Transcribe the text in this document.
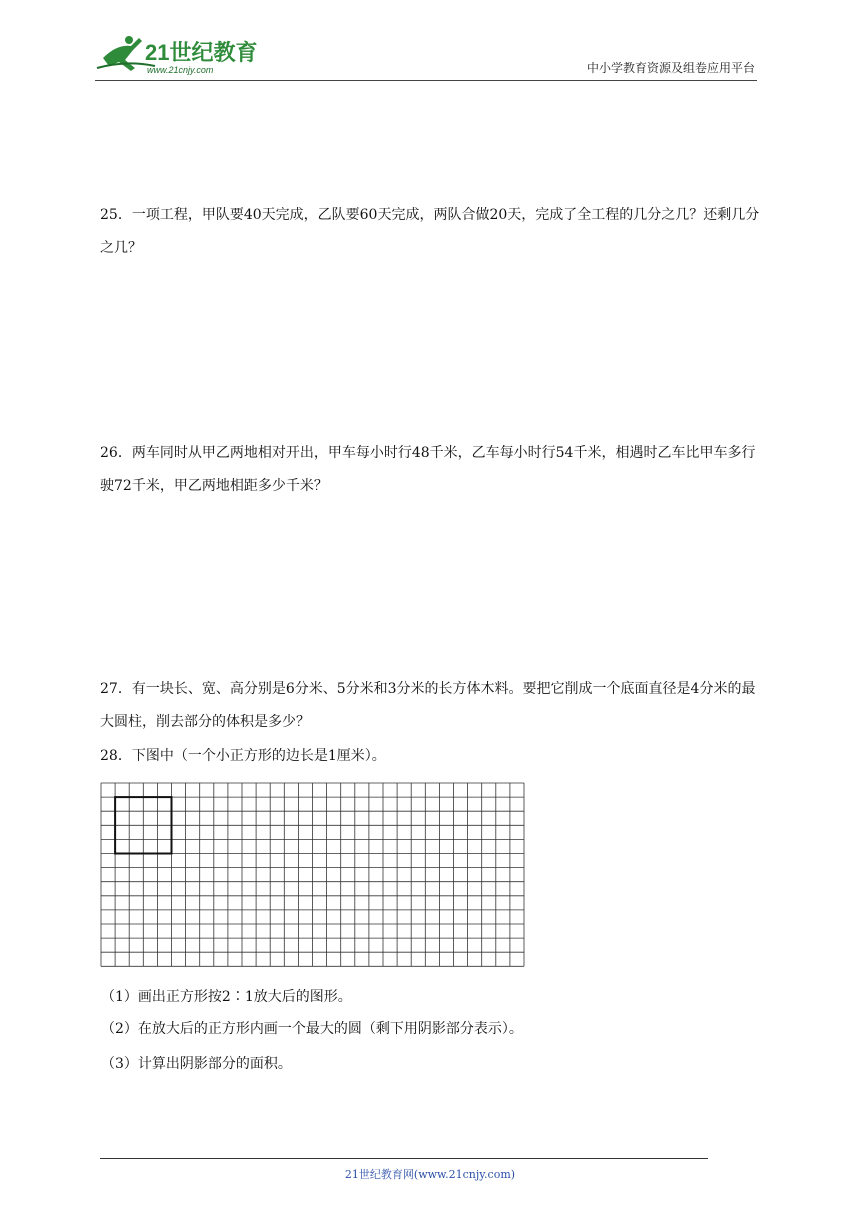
21世纪教育
www.21cnjy.com	中小学教育资源及组卷应用平台
25．一项工程，甲队要40天完成，乙队要60天完成，两队合做20天，完成了全工程的几分之几？还剩几分之几？
26．两车同时从甲乙两地相对开出，甲车每小时行48千米，乙车每小时行54千米，相遇时乙车比甲车多行驶72千米，甲乙两地相距多少千米？
27．有一块长、宽、高分别是6分米、5分米和3分米的长方体木料。要把它削成一个底面直径是4分米的最大圆柱，削去部分的体积是多少？
28．下图中（一个小正方形的边长是1厘米）。
（1）画出正方形按2∶1放大后的图形。
（2）在放大后的正方形内画一个最大的圆（剩下用阴影部分表示）。
（3）计算出阴影部分的面积。
21世纪教育网(www.21cnjy.com)
